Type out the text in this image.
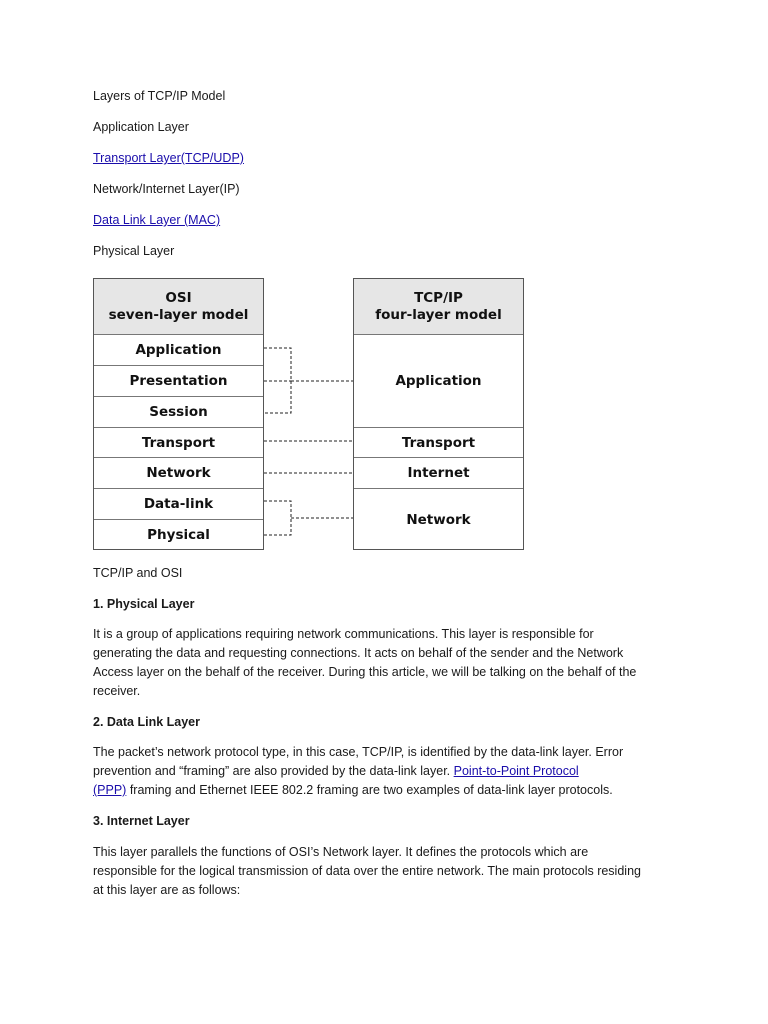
Layers of TCP/IP Model
Application Layer
Transport Layer(TCP/UDP)
Network/Internet Layer(IP)
Data Link Layer (MAC)
Physical Layer
OSI
seven-layer model
Application
Presentation
Session
Transport
Network
Data-link
Physical
TCP/IP
four-layer model
Application
Transport
Internet
Network
TCP/IP and OSI
1. Physical Layer

It is a group of applications requiring network communications. This layer is responsible for

generating the data and requesting connections. It acts on behalf of the sender and the Network

Access layer on the behalf of the receiver. During this article, we will be talking on the behalf of the

receiver.

2. Data Link Layer

The packet’s network protocol type, in this case, TCP/IP, is identified by the data-link layer. Error

prevention and “framing” are also provided by the data-link layer. Point-to-Point Protocol

(PPP) framing and Ethernet IEEE 802.2 framing are two examples of data-link layer protocols.

3. Internet Layer

This layer parallels the functions of OSI’s Network layer. It defines the protocols which are

responsible for the logical transmission of data over the entire network. The main protocols residing

at this layer are as follows:
